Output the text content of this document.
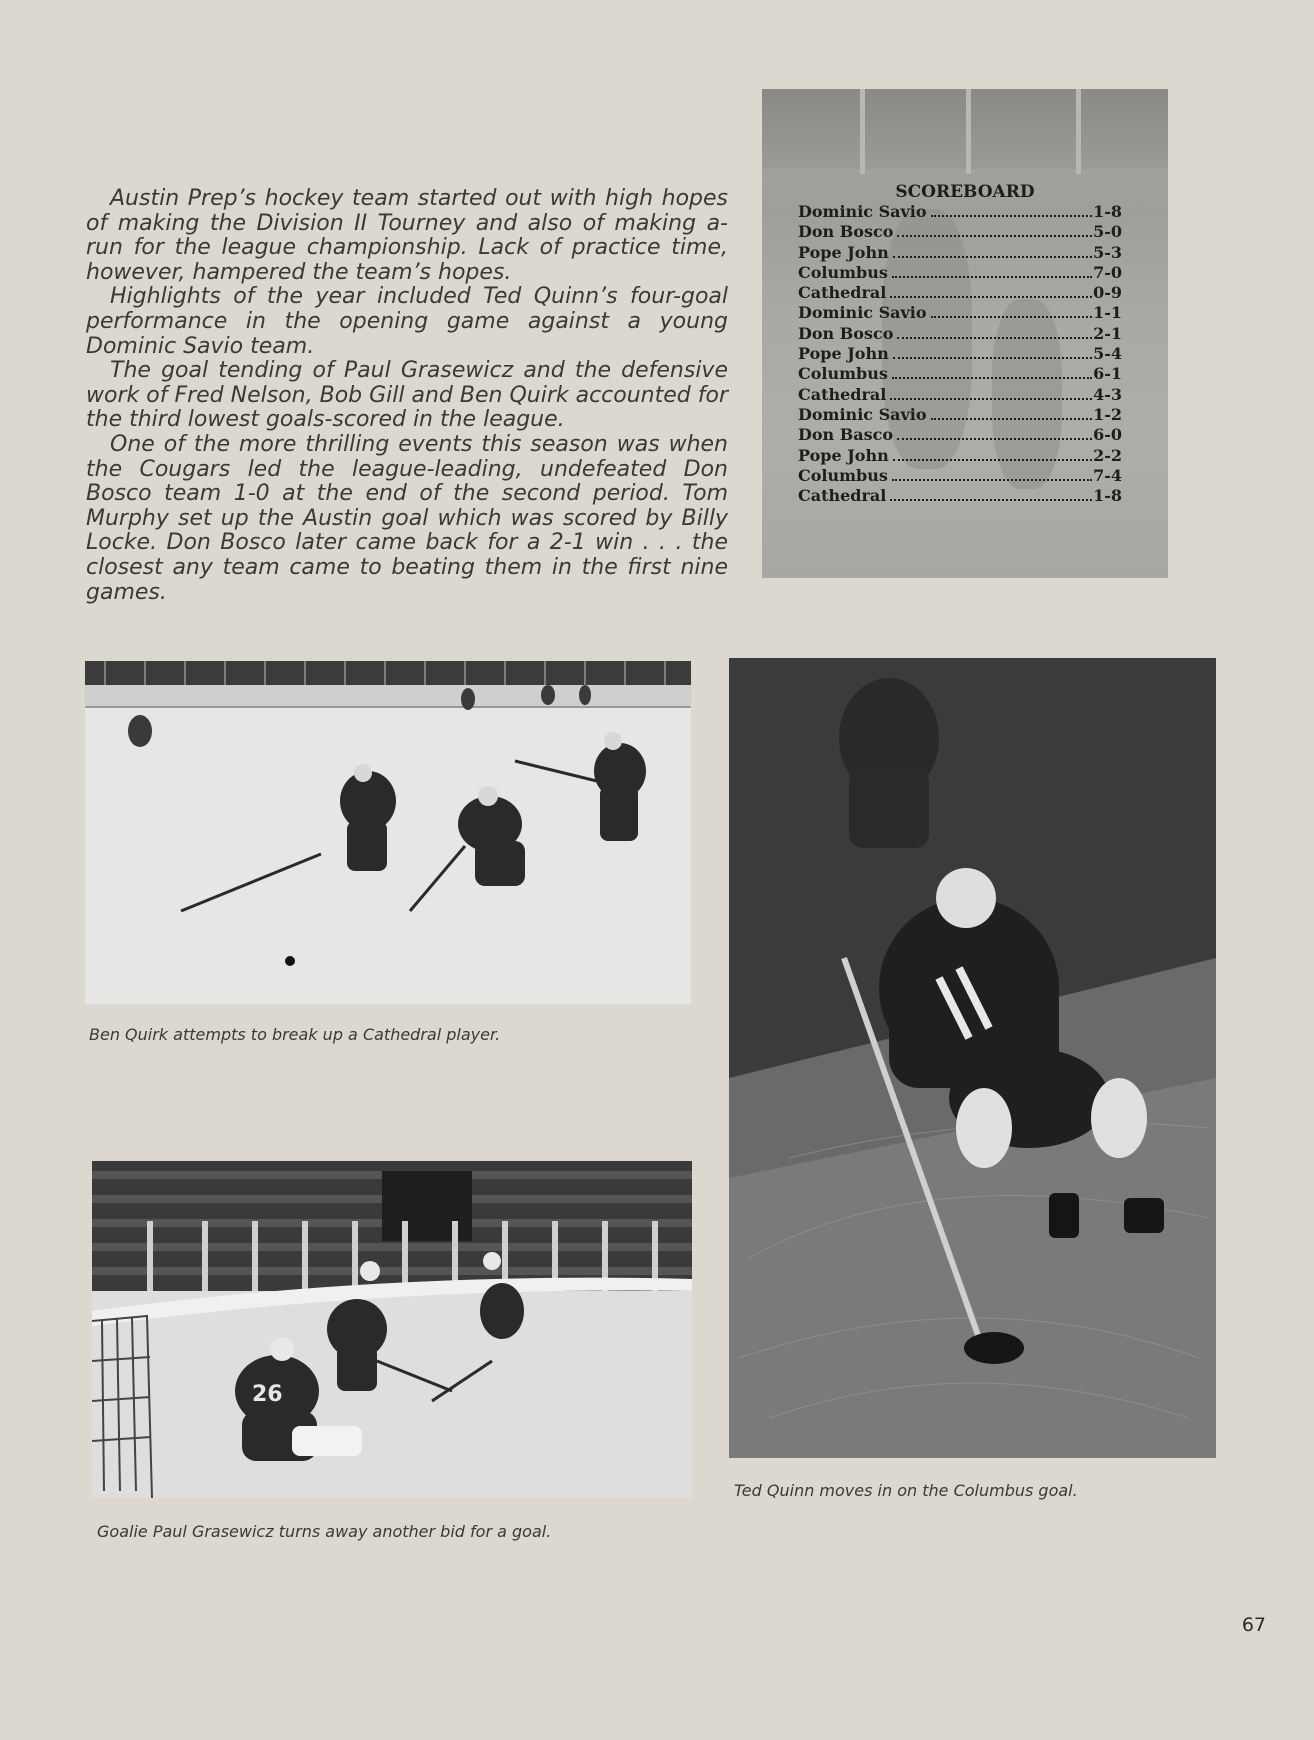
Austin Prep’s hockey team started out with high hopes of making the Division II Tourney and also of making a-run for the league championship. Lack of practice time, however, hampered the team’s hopes.

Highlights of the year included Ted Quinn’s four-goal performance in the opening game against a young Dominic Savio team.

The goal tending of Paul Grasewicz and the defensive work of Fred Nelson, Bob Gill and Ben Quirk accounted for the third lowest goals-scored in the league.

One of the more thrilling events this season was when the Cougars led the league-leading, undefeated Don Bosco team 1-0 at the end of the second period. Tom Murphy set up the Austin goal which was scored by Billy Locke. Don Bosco later came back for a 2-1 win . . . the closest any team came to beating them in the first nine games.

SCOREBOARD
Dominic Savio	1-8
Don Bosco	5-0
Pope John	5-3
Columbus	7-0
Cathedral	0-9
Dominic Savio	1-1
Don Bosco	2-1
Pope John	5-4
Columbus	6-1
Cathedral	4-3
Dominic Savio	1-2
Don Basco	6-0
Pope John	2-2
Columbus	7-4
Cathedral	1-8
Ben Quirk attempts to break up a Cathedral player.
26
Goalie Paul Grasewicz turns away another bid for a goal.
Ted Quinn moves in on the Columbus goal.
67
